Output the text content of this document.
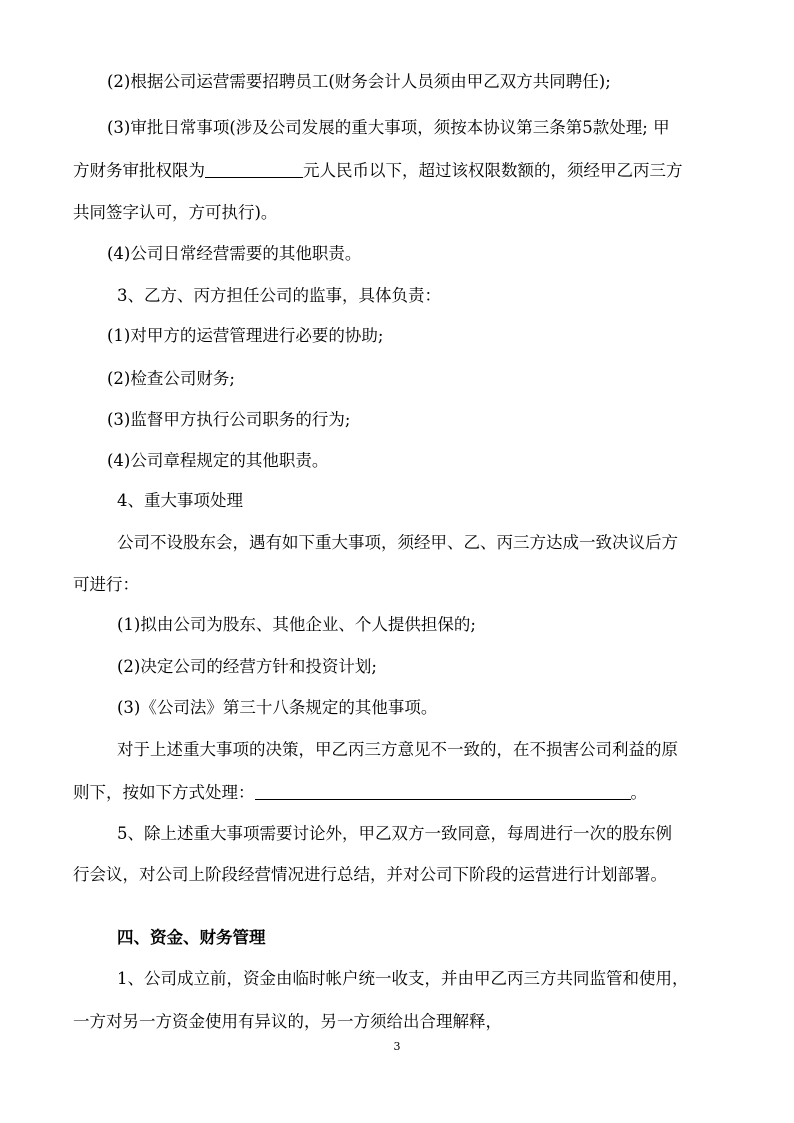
(2)根据公司运营需要招聘员工(财务会计人员须由甲乙双方共同聘任);
(3)审批日常事项(涉及公司发展的重大事项，须按本协议第三条第5款处理; 甲
方财务审批权限为	元人民币以下，超过该权限数额的，须经甲乙丙三方
共同签字认可，方可执行)。
(4)公司日常经营需要的其他职责。
3、乙方、丙方担任公司的监事，具体负责：
(1)对甲方的运营管理进行必要的协助;
(2)检查公司财务;
(3)监督甲方执行公司职务的行为;
(4)公司章程规定的其他职责。
4、重大事项处理
公司不设股东会，遇有如下重大事项，须经甲、乙、丙三方达成一致决议后方
可进行：
(1)拟由公司为股东、其他企业、个人提供担保的;
(2)决定公司的经营方针和投资计划;
(3)《公司法》第三十八条规定的其他事项。
对于上述重大事项的决策，甲乙丙三方意见不一致的，在不损害公司利益的原
则下，按如下方式处理：	。
5、除上述重大事项需要讨论外，甲乙双方一致同意，每周进行一次的股东例
行会议，对公司上阶段经营情况进行总结，并对公司下阶段的运营进行计划部署。
四、资金、财务管理
1、公司成立前，资金由临时帐户统一收支，并由甲乙丙三方共同监管和使用，
一方对另一方资金使用有异议的，另一方须给出合理解释，
3
